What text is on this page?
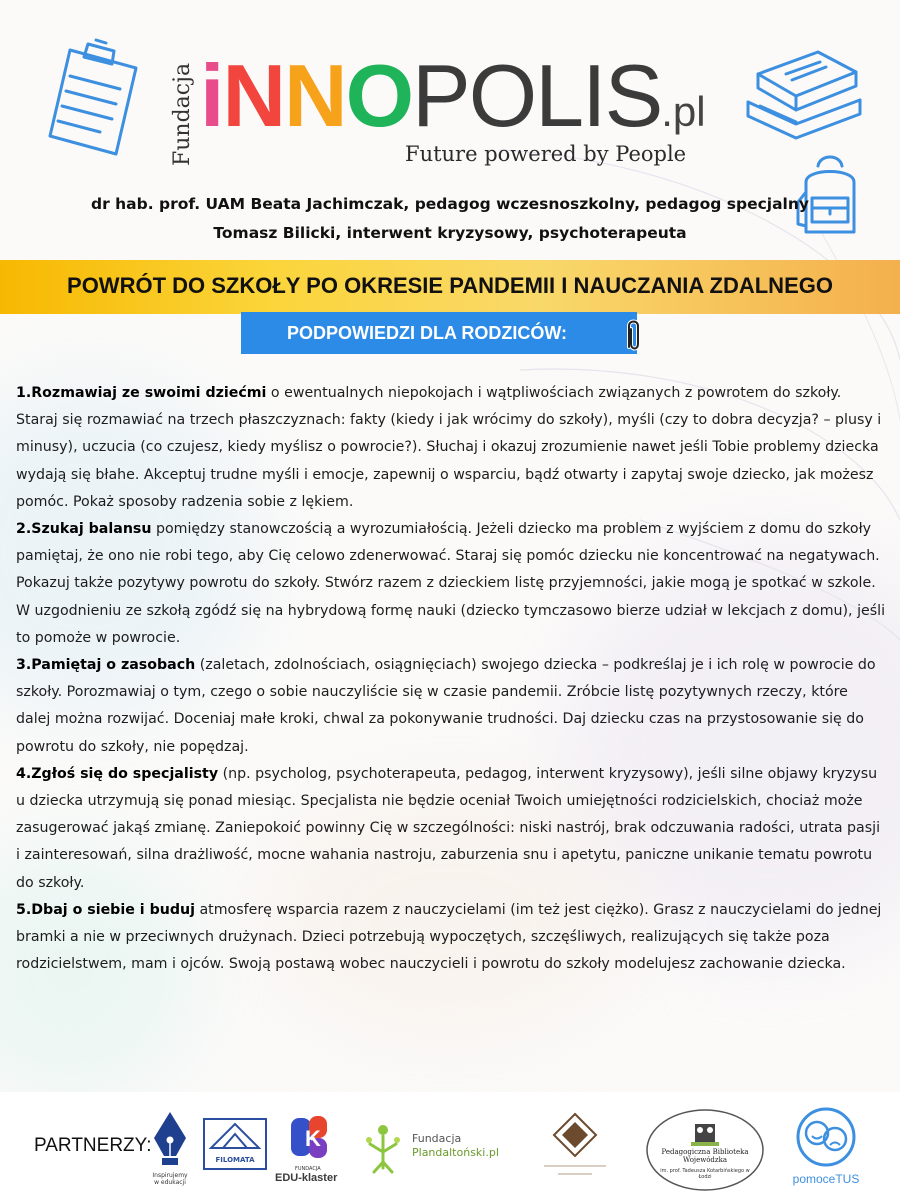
Fundacja iNNOPOLIS.pl
Future powered by People
dr hab. prof. UAM Beata Jachimczak, pedagog wczesnoszkolny, pedagog specjalny
Tomasz Bilicki, interwent kryzysowy, psychoterapeuta
POWRÓT DO SZKOŁY PO OKRESIE PANDEMII I NAUCZANIA ZDALNEGO
PODPOWIEDZI DLA RODZICÓW:

1.Rozmawiaj ze swoimi dziećmi o ewentualnych niepokojach i wątpliwościach związanych z powrotem do szkoły. Staraj się rozmawiać na trzech płaszczyznach: fakty (kiedy i jak wrócimy do szkoły), myśli (czy to dobra decyzja? – plusy i minusy), uczucia (co czujesz, kiedy myślisz o powrocie?). Słuchaj i okazuj zrozumienie nawet jeśli Tobie problemy dziecka wydają się błahe. Akceptuj trudne myśli i emocje, zapewnij o wsparciu, bądź otwarty i zapytaj swoje dziecko, jak możesz pomóc. Pokaż sposoby radzenia sobie z lękiem.

2.Szukaj balansu pomiędzy stanowczością a wyrozumiałością. Jeżeli dziecko ma problem z wyjściem z domu do szkoły pamiętaj, że ono nie robi tego, aby Cię celowo zdenerwować. Staraj się pomóc dziecku nie koncentrować na negatywach. Pokazuj także pozytywy powrotu do szkoły. Stwórz razem z dzieckiem listę przyjemności, jakie mogą je spotkać w szkole. W uzgodnieniu ze szkołą zgódź się na hybrydową formę nauki (dziecko tymczasowo bierze udział w lekcjach z domu), jeśli to pomoże w powrocie.

3.Pamiętaj o zasobach (zaletach, zdolnościach, osiągnięciach) swojego dziecka – podkreślaj je i ich rolę w powrocie do szkoły. Porozmawiaj o tym, czego o sobie nauczyliście się w czasie pandemii. Zróbcie listę pozytywnych rzeczy, które dalej można rozwijać. Doceniaj małe kroki, chwal za pokonywanie trudności. Daj dziecku czas na przystosowanie się do powrotu do szkoły, nie popędzaj.

4.Zgłoś się do specjalisty (np. psycholog, psychoterapeuta, pedagog, interwent kryzysowy), jeśli silne objawy kryzysu u dziecka utrzymują się ponad miesiąc. Specjalista nie będzie oceniał Twoich umiejętności rodzicielskich, chociaż może zasugerować jakąś zmianę. Zaniepokoić powinny Cię w szczególności: niski nastrój, brak odczuwania radości, utrata pasji i zainteresowań, silna drażliwość, mocne wahania nastroju, zaburzenia snu i apetytu, paniczne unikanie tematu powrotu do szkoły.

5.Dbaj o siebie i buduj atmosferę wsparcia razem z nauczycielami (im też jest ciężko). Grasz z nauczycielami do jednej bramki a nie w przeciwnych drużynach. Dzieci potrzebują wypoczętych, szczęśliwych, realizujących się także poza rodzicielstwem, mam i ojców. Swoją postawą wobec nauczycieli i powrotu do szkoły modelujesz zachowanie dziecka.

PARTNERZY:
Inspirujemy w edukacji
FILOMATA
K
FUNDACJA
EDU-klaster
Fundacja
Plandaltoński.pl	Pedagogiczna Biblioteka Wojewódzka
im. prof. Tadeusza Kotarbińskiego w Łodzi	pomoceTUS
